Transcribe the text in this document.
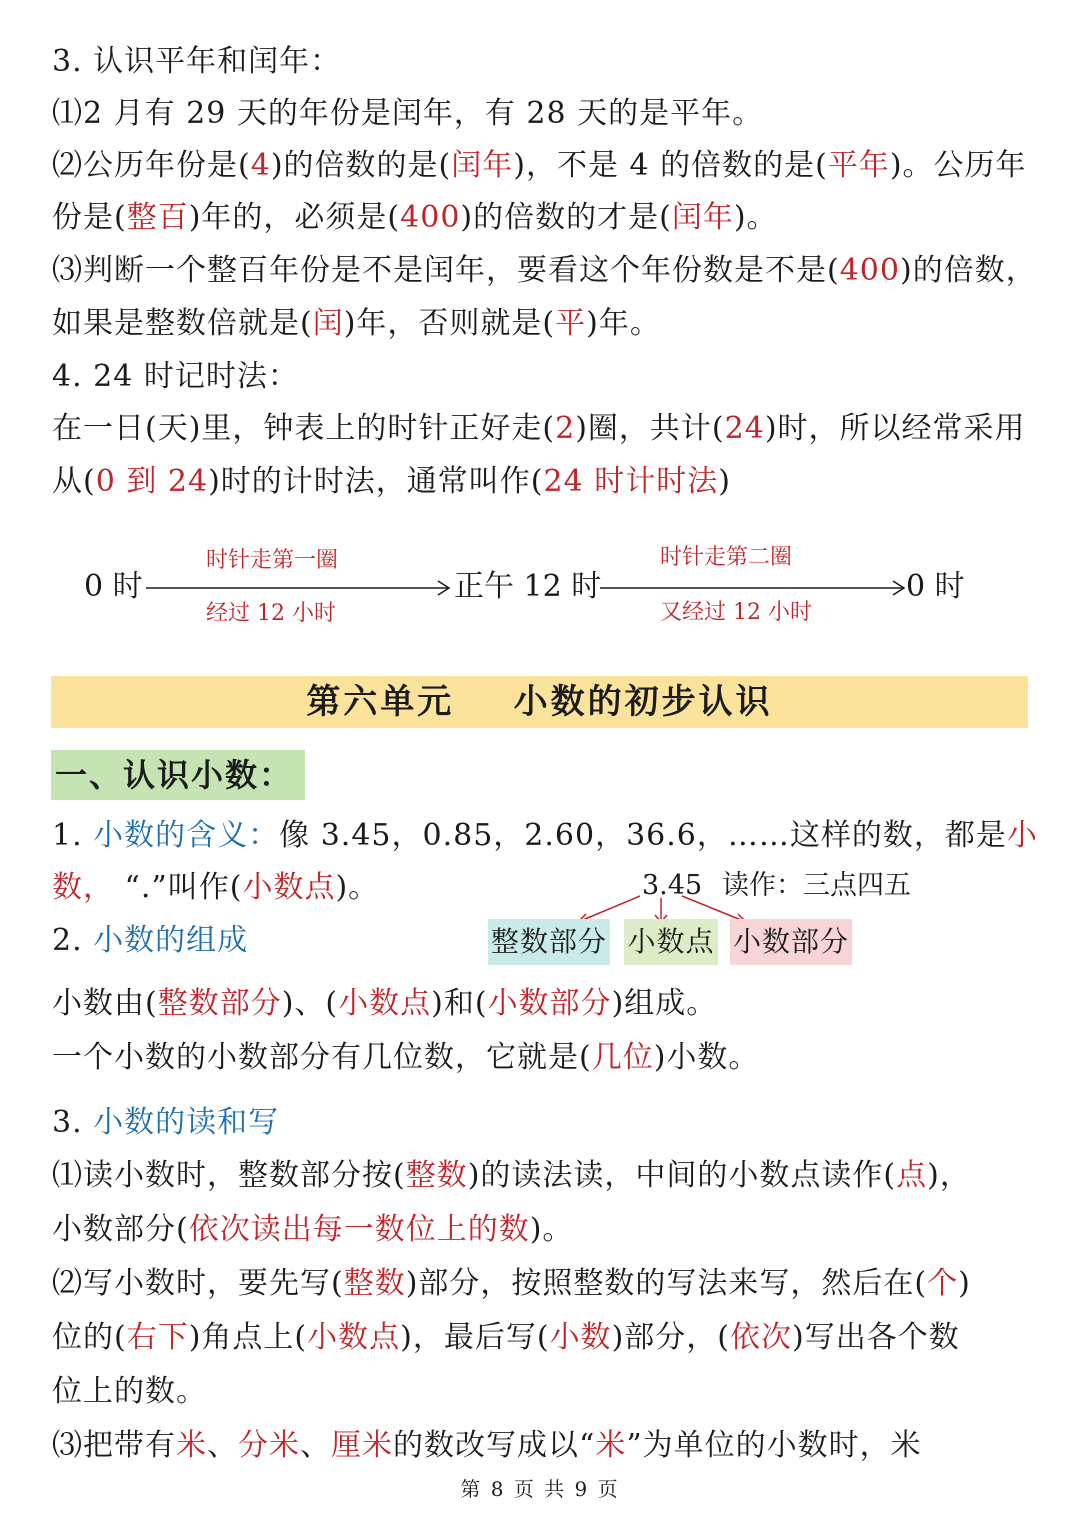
3. 认识平年和闰年：

⑴2 月有 29 天的年份是闰年，有 28 天的是平年。

⑵公历年份是(4)的倍数的是(闰年)，不是 4 的倍数的是(平年)。公历年

份是(整百)年的，必须是(400)的倍数的才是(闰年)。

⑶判断一个整百年份是不是闰年，要看这个年份数是不是(400)的倍数，

如果是整数倍就是(闰)年，否则就是(平)年。

4. 24 时记时法：

在一日(天)里，钟表上的时针正好走(2)圈，共计(24)时，所以经常采用

从(0 到 24)时的计时法，通常叫作(24 时计时法)

0 时
时针走第一圈
经过 12 小时
正午 12 时
时针走第二圈
又经过 12 小时
0 时
第六单元    小数的初步认识
一、认识小数：

1. 小数的含义：像 3.45，0.85，2.60，36.6，……这样的数，都是小

数， “.”叫作(小数点)。	3.45 读作：三点四五

2. 小数的组成	整数部分 小数点 小数部分

小数由(整数部分)、(小数点)和(小数部分)组成。

一个小数的小数部分有几位数，它就是(几位)小数。

3. 小数的读和写

⑴读小数时，整数部分按(整数)的读法读，中间的小数点读作(点)，

小数部分(依次读出每一数位上的数)。

⑵写小数时，要先写(整数)部分，按照整数的写法来写，然后在(个)

位的(右下)角点上(小数点)，最后写(小数)部分，(依次)写出各个数

位上的数。

⑶把带有米、分米、厘米的数改写成以“米”为单位的小数时，米

第 8 页 共 9 页
